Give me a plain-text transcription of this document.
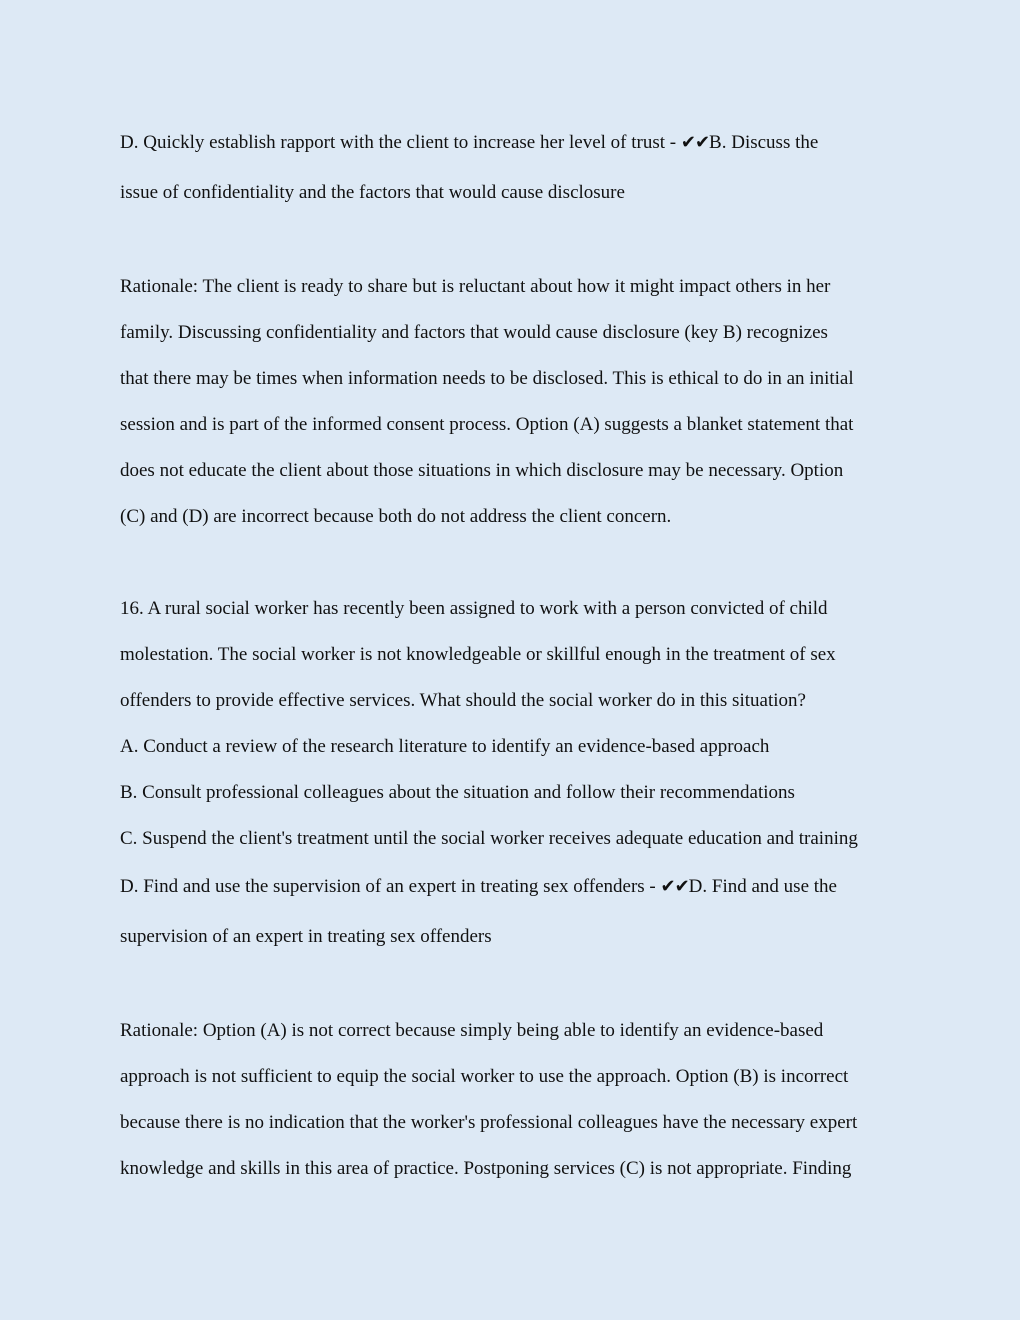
D. Quickly establish rapport with the client to increase her level of trust - ✔✔B. Discuss the

issue of confidentiality and the factors that would cause disclosure

Rationale: The client is ready to share but is reluctant about how it might impact others in her

family. Discussing confidentiality and factors that would cause disclosure (key B) recognizes

that there may be times when information needs to be disclosed. This is ethical to do in an initial

session and is part of the informed consent process. Option (A) suggests a blanket statement that

does not educate the client about those situations in which disclosure may be necessary. Option

(C) and (D) are incorrect because both do not address the client concern.

16. A rural social worker has recently been assigned to work with a person convicted of child

molestation. The social worker is not knowledgeable or skillful enough in the treatment of sex

offenders to provide effective services. What should the social worker do in this situation?

A. Conduct a review of the research literature to identify an evidence-based approach

B. Consult professional colleagues about the situation and follow their recommendations

C. Suspend the client's treatment until the social worker receives adequate education and training

D. Find and use the supervision of an expert in treating sex offenders - ✔✔D. Find and use the

supervision of an expert in treating sex offenders

Rationale: Option (A) is not correct because simply being able to identify an evidence-based

approach is not sufficient to equip the social worker to use the approach. Option (B) is incorrect

because there is no indication that the worker's professional colleagues have the necessary expert

knowledge and skills in this area of practice. Postponing services (C) is not appropriate. Finding
